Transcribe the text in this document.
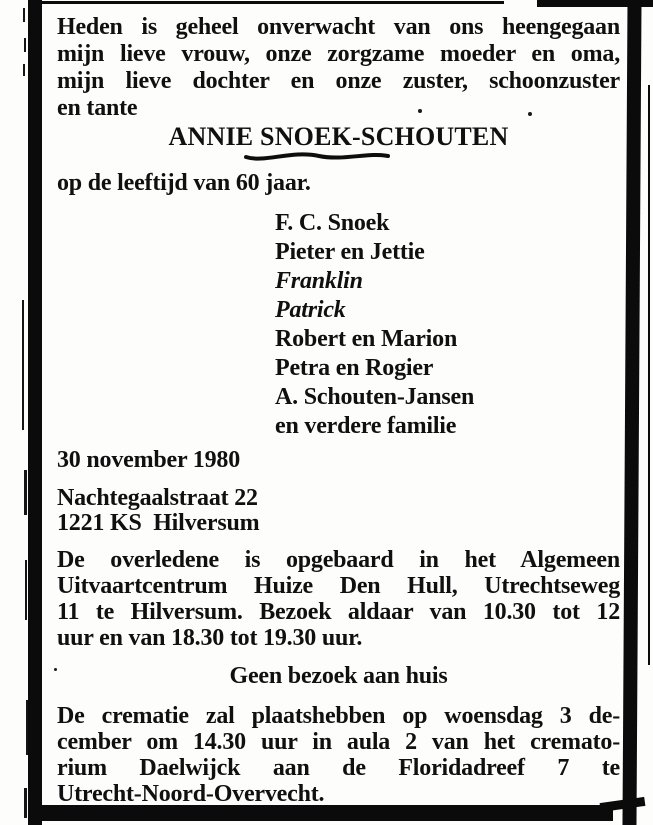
Heden is geheel onverwacht van ons heengegaan
mijn lieve vrouw, onze zorgzame moeder en oma,
mijn lieve dochter en onze zuster, schoonzuster
en tante
ANNIE SNOEK-SCHOUTEN
op de leeftijd van 60 jaar.
F. C. Snoek
Pieter en Jettie
Franklin
Patrick
Robert en Marion
Petra en Rogier
A. Schouten-Jansen
en verdere familie
30 november 1980
Nachtegaalstraat 22
1221 KS  Hilversum
De overledene is opgebaard in het Algemeen
Uitvaartcentrum Huize Den Hull, Utrechtseweg
11 te Hilversum. Bezoek aldaar van 10.30 tot 12
uur en van 18.30 tot 19.30 uur.
Geen bezoek aan huis
De crematie zal plaatshebben op woensdag 3 de-
cember om 14.30 uur in aula 2 van het cremato-
rium Daelwijck aan de Floridadreef 7 te
Utrecht-Noord-Overvecht.
